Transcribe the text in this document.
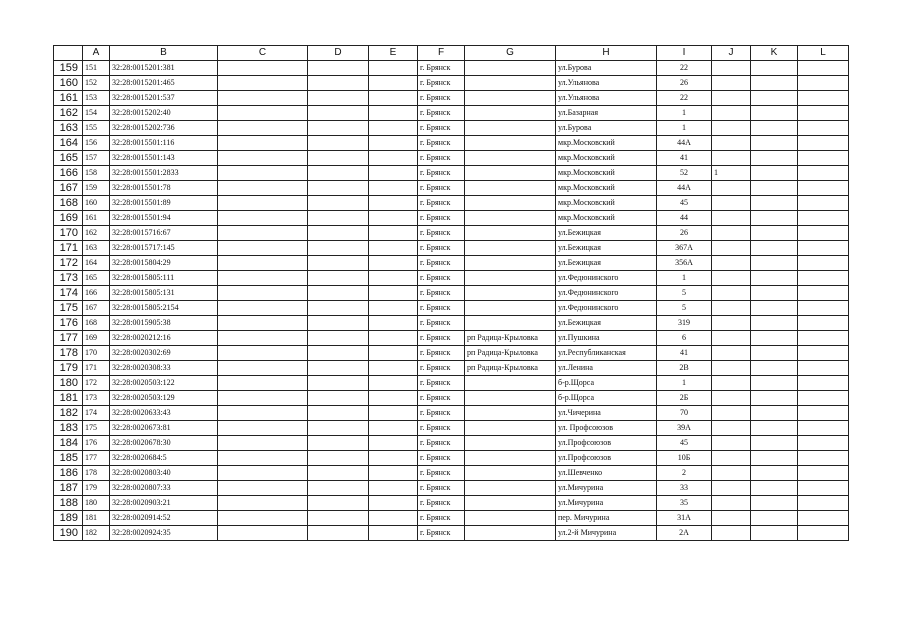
	A	B	C	D	E	F	G	H	I	J	K	L
159	151	32:28:0015201:381				г. Брянск		ул.Бурова	22			
160	152	32:28:0015201:465				г. Брянск		ул.Ульянова	26			
161	153	32:28:0015201:537				г. Брянск		ул.Ульянова	22			
162	154	32:28:0015202:40				г. Брянск		ул.Базарная	1			
163	155	32:28:0015202:736				г. Брянск		ул.Бурова	1			
164	156	32:28:0015501:116				г. Брянск		мкр.Московский	44А			
165	157	32:28:0015501:143				г. Брянск		мкр.Московский	41			
166	158	32:28:0015501:2833				г. Брянск		мкр.Московский	52	1		
167	159	32:28:0015501:78				г. Брянск		мкр.Московский	44А			
168	160	32:28:0015501:89				г. Брянск		мкр.Московский	45			
169	161	32:28:0015501:94				г. Брянск		мкр.Московский	44			
170	162	32:28:0015716:67				г. Брянск		ул.Бежицкая	26			
171	163	32:28:0015717:145				г. Брянск		ул.Бежицкая	367А			
172	164	32:28:0015804:29				г. Брянск		ул.Бежицкая	356А			
173	165	32:28:0015805:111				г. Брянск		ул.Федюнинского	1			
174	166	32:28:0015805:131				г. Брянск		ул.Федюнинского	5			
175	167	32:28:0015805:2154				г. Брянск		ул.Федюнинского	5			
176	168	32:28:0015905:38				г. Брянск		ул.Бежицкая	319			
177	169	32:28:0020212:16				г. Брянск	рп Радица-Крыловка	ул.Пушкина	6			
178	170	32:28:0020302:69				г. Брянск	рп Радица-Крыловка	ул.Республиканская	41			
179	171	32:28:0020308:33				г. Брянск	рп Радица-Крыловка	ул.Ленина	2В			
180	172	32:28:0020503:122				г. Брянск		б-р.Щорса	1			
181	173	32:28:0020503:129				г. Брянск		б-р.Щорса	2Б			
182	174	32:28:0020633:43				г. Брянск		ул.Чичерина	70			
183	175	32:28:0020673:81				г. Брянск		ул. Профсоюзов	39А			
184	176	32:28:0020678:30				г. Брянск		ул.Профсоюзов	45			
185	177	32:28:0020684:5				г. Брянск		ул.Профсоюзов	10Б			
186	178	32:28:0020803:40				г. Брянск		ул.Шевченко	2			
187	179	32:28:0020807:33				г. Брянск		ул.Мичурина	33			
188	180	32:28:0020903:21				г. Брянск		ул.Мичурина	35			
189	181	32:28:0020914:52				г. Брянск		пер. Мичурина	31А			
190	182	32:28:0020924:35				г. Брянск		ул.2-й Мичурина	2А			
